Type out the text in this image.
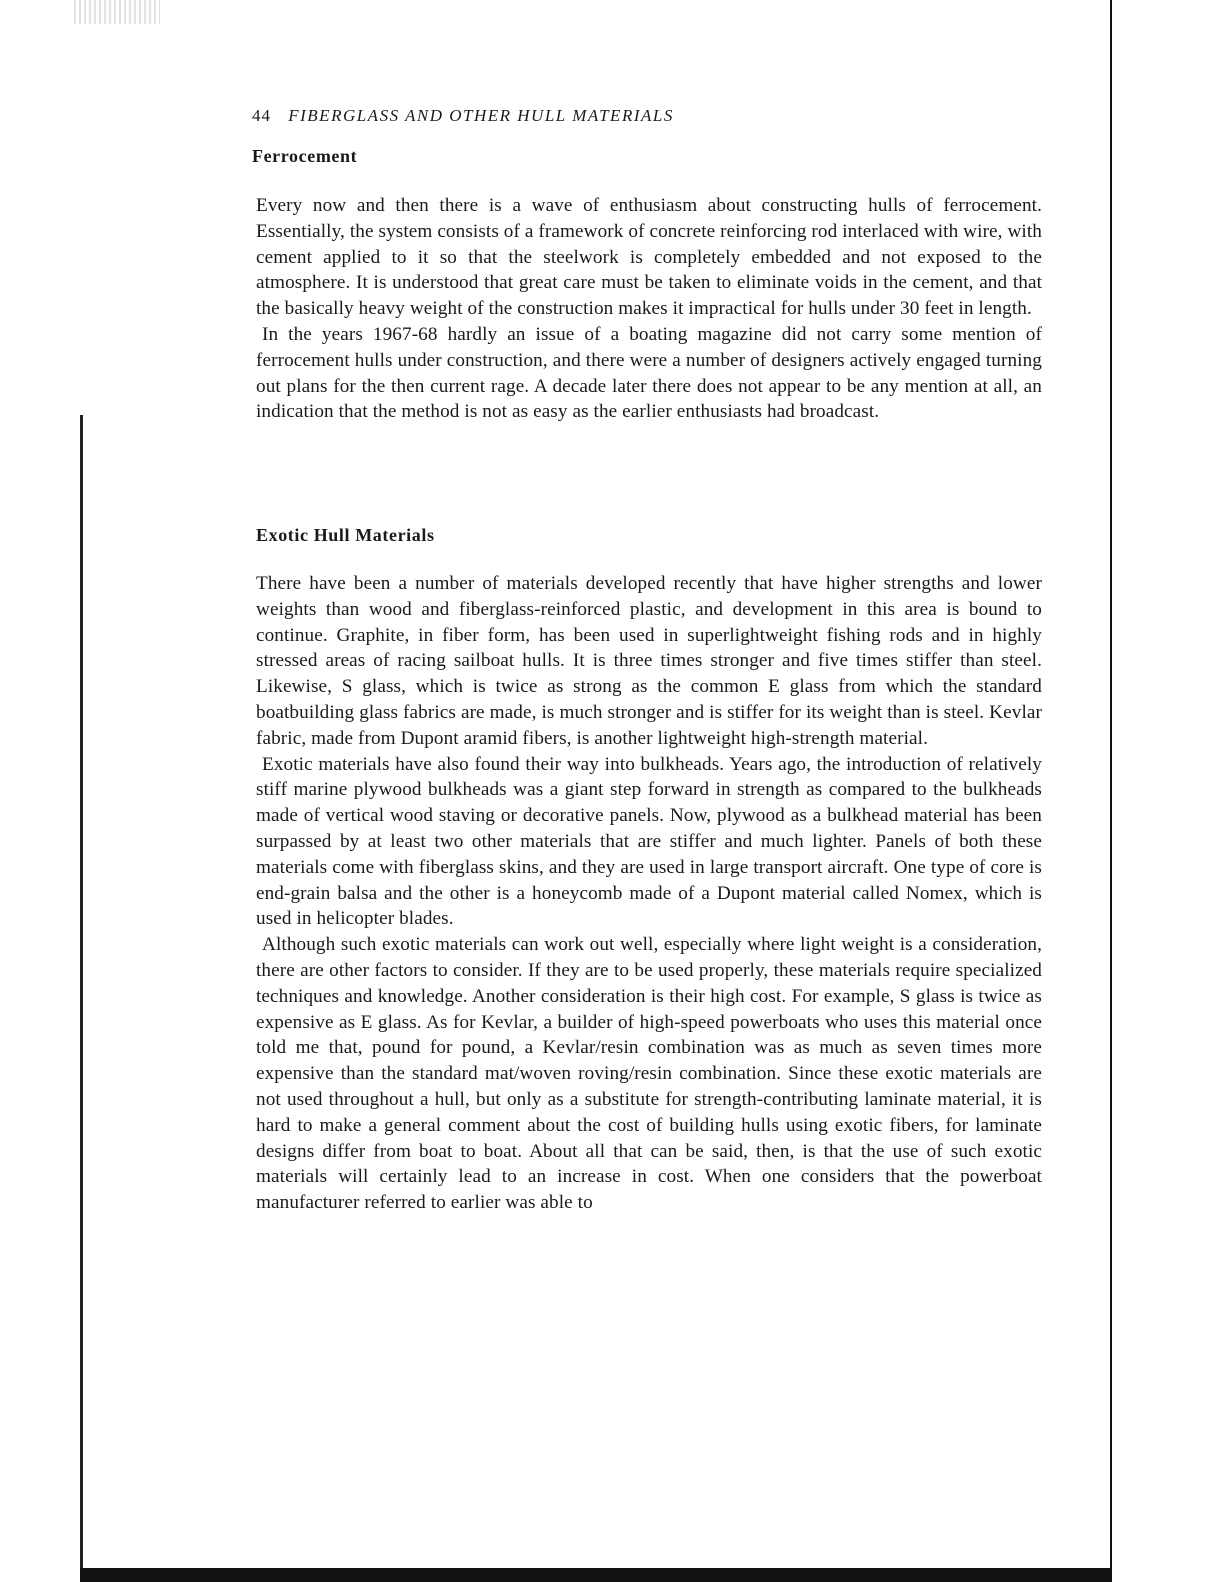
44 FIBERGLASS AND OTHER HULL MATERIALS
Ferrocement

Every now and then there is a wave of enthusiasm about constructing hulls of ferrocement. Essentially, the system consists of a framework of concrete reinforcing rod interlaced with wire, with cement applied to it so that the steelwork is completely embedded and not exposed to the atmosphere. It is understood that great care must be taken to eliminate voids in the cement, and that the basically heavy weight of the construction makes it impractical for hulls under 30 feet in length.

In the years 1967-68 hardly an issue of a boating magazine did not carry some mention of ferrocement hulls under construction, and there were a number of designers actively engaged turning out plans for the then current rage. A decade later there does not appear to be any mention at all, an indication that the method is not as easy as the earlier enthusiasts had broadcast.

Exotic Hull Materials

There have been a number of materials developed recently that have higher strengths and lower weights than wood and fiberglass-reinforced plastic, and development in this area is bound to continue. Graphite, in fiber form, has been used in superlightweight fishing rods and in highly stressed areas of racing sailboat hulls. It is three times stronger and five times stiffer than steel. Likewise, S glass, which is twice as strong as the common E glass from which the standard boatbuilding glass fabrics are made, is much stronger and is stiffer for its weight than is steel. Kevlar fabric, made from Dupont aramid fibers, is another lightweight high-strength material.

Exotic materials have also found their way into bulkheads. Years ago, the introduction of relatively stiff marine plywood bulkheads was a giant step forward in strength as compared to the bulkheads made of vertical wood staving or decorative panels. Now, plywood as a bulkhead material has been surpassed by at least two other materials that are stiffer and much lighter. Panels of both these materials come with fiberglass skins, and they are used in large transport aircraft. One type of core is end-grain balsa and the other is a honeycomb made of a Dupont material called Nomex, which is used in helicopter blades.

Although such exotic materials can work out well, especially where light weight is a consideration, there are other factors to consider. If they are to be used properly, these materials require specialized techniques and knowledge. Another consideration is their high cost. For example, S glass is twice as expensive as E glass. As for Kevlar, a builder of high-speed powerboats who uses this material once told me that, pound for pound, a Kevlar/resin combination was as much as seven times more expensive than the standard mat/woven roving/resin combination. Since these exotic materials are not used throughout a hull, but only as a substitute for strength-contributing laminate material, it is hard to make a general comment about the cost of building hulls using exotic fibers, for laminate designs differ from boat to boat. About all that can be said, then, is that the use of such exotic materials will certainly lead to an increase in cost. When one considers that the powerboat manufacturer referred to earlier was able to
